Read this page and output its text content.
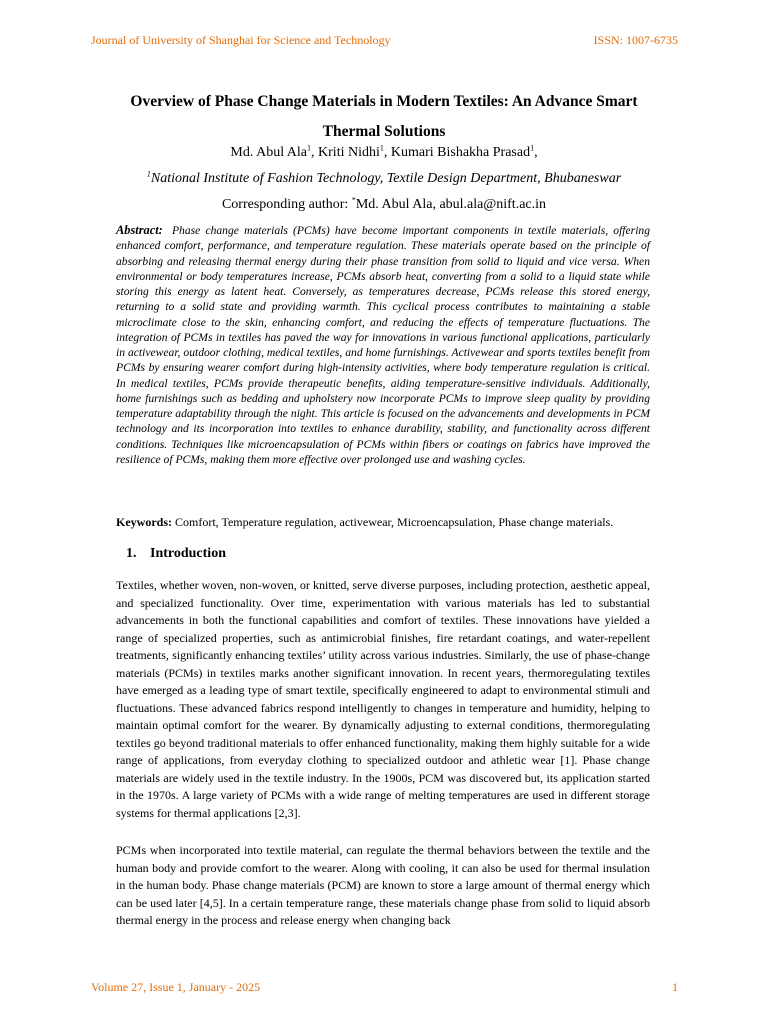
Journal of University of Shanghai for Science and Technology	ISSN: 1007-6735
Overview of Phase Change Materials in Modern Textiles: An Advance Smart Thermal Solutions
Md. Abul Ala$^1$, Kriti Nidhi$^1$, Kumari Bishakha Prasad$^1$,
$^1$National Institute of Fashion Technology, Textile Design Department, Bhubaneswar
Corresponding author: *Md. Abul Ala, abul.ala@nift.ac.in

Abstract: Phase change materials (PCMs) have become important components in textile materials, offering enhanced comfort, performance, and temperature regulation. These materials operate based on the principle of absorbing and releasing thermal energy during their phase transition from solid to liquid and vice versa. When environmental or body temperatures increase, PCMs absorb heat, converting from a solid to a liquid state while storing this energy as latent heat. Conversely, as temperatures decrease, PCMs release this stored energy, returning to a solid state and providing warmth. This cyclical process contributes to maintaining a stable microclimate close to the skin, enhancing comfort, and reducing the effects of temperature fluctuations. The integration of PCMs in textiles has paved the way for innovations in various functional applications, particularly in activewear, outdoor clothing, medical textiles, and home furnishings. Activewear and sports textiles benefit from PCMs by ensuring wearer comfort during high-intensity activities, where body temperature regulation is critical. In medical textiles, PCMs provide therapeutic benefits, aiding temperature-sensitive individuals. Additionally, home furnishings such as bedding and upholstery now incorporate PCMs to improve sleep quality by providing temperature adaptability through the night. This article is focused on the advancements and developments in PCM technology and its incorporation into textiles to enhance durability, stability, and functionality across different conditions. Techniques like microencapsulation of PCMs within fibers or coatings on fabrics have improved the resilience of PCMs, making them more effective over prolonged use and washing cycles.

Keywords: Comfort, Temperature regulation, activewear, Microencapsulation, Phase change materials.
1. Introduction

Textiles, whether woven, non-woven, or knitted, serve diverse purposes, including protection, aesthetic appeal, and specialized functionality. Over time, experimentation with various materials has led to substantial advancements in both the functional capabilities and comfort of textiles. These innovations have yielded a range of specialized properties, such as antimicrobial finishes, fire retardant coatings, and water-repellent treatments, significantly enhancing textiles’ utility across various industries. Similarly, the use of phase-change materials (PCMs) in textiles marks another significant innovation. In recent years, thermoregulating textiles have emerged as a leading type of smart textile, specifically engineered to adapt to environmental stimuli and fluctuations. These advanced fabrics respond intelligently to changes in temperature and humidity, helping to maintain optimal comfort for the wearer. By dynamically adjusting to external conditions, thermoregulating textiles go beyond traditional materials to offer enhanced functionality, making them highly suitable for a wide range of applications, from everyday clothing to specialized outdoor and athletic wear [1]. Phase change materials are widely used in the textile industry. In the 1900s, PCM was discovered but, its application started in the 1970s. A large variety of PCMs with a wide range of melting temperatures are used in different storage systems for thermal applications [2,3].

PCMs when incorporated into textile material, can regulate the thermal behaviors between the textile and the human body and provide comfort to the wearer. Along with cooling, it can also be used for thermal insulation in the human body. Phase change materials (PCM) are known to store a large amount of thermal energy which can be used later [4,5]. In a certain temperature range, these materials change phase from solid to liquid absorb thermal energy in the process and release energy when changing back

Volume 27, Issue 1, January - 2025	1
